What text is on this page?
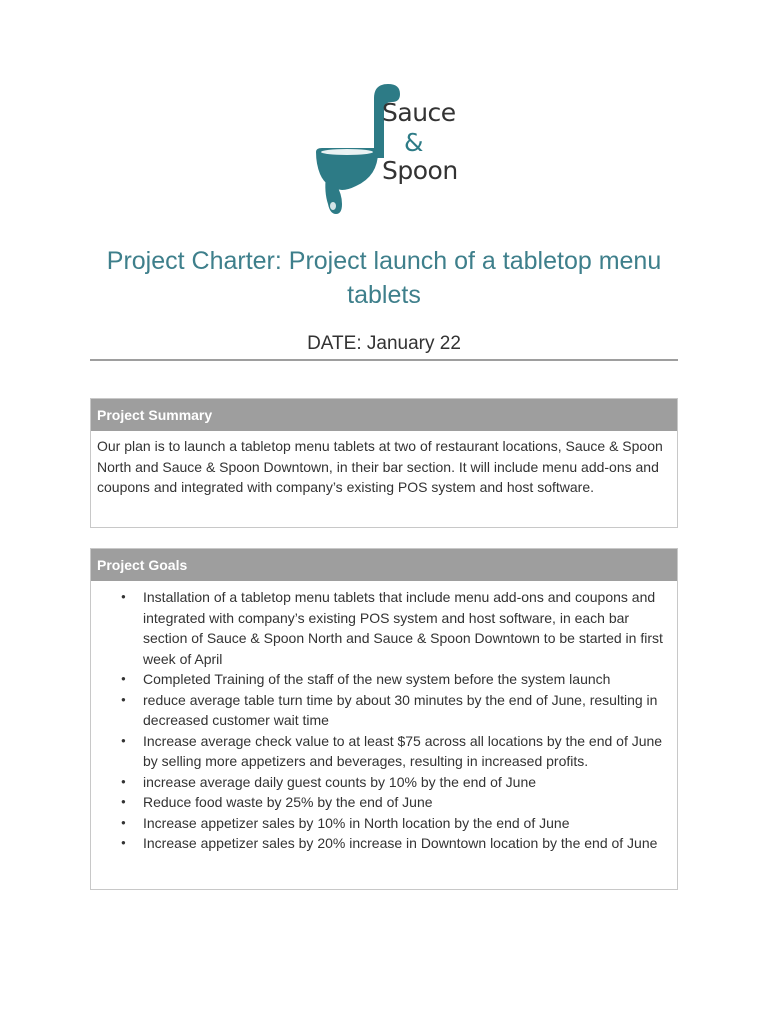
Sauce
&
Spoon
Project Charter: Project launch of a tabletop menu tablets
DATE: January 22
Project Summary
Our plan is to launch a tabletop menu tablets at two of restaurant locations, Sauce & Spoon North and Sauce & Spoon Downtown, in their bar section. It will include menu add-ons and coupons and integrated with company’s existing POS system and host software.
Project Goals
● Installation of a tabletop menu tablets that include menu add-ons and coupons and integrated with company’s existing POS system and host software, in each bar section of Sauce & Spoon North and Sauce & Spoon Downtown to be started in first week of April
● Completed Training of the staff of the new system before the system launch
● reduce average table turn time by about 30 minutes by the end of June, resulting in decreased customer wait time
● Increase average check value to at least $75 across all locations by the end of June by selling more appetizers and beverages, resulting in increased profits.
● increase average daily guest counts by 10% by the end of June
● Reduce food waste by 25% by the end of June
● Increase appetizer sales by 10% in North location by the end of June
● Increase appetizer sales by 20% increase in Downtown location by the end of June
